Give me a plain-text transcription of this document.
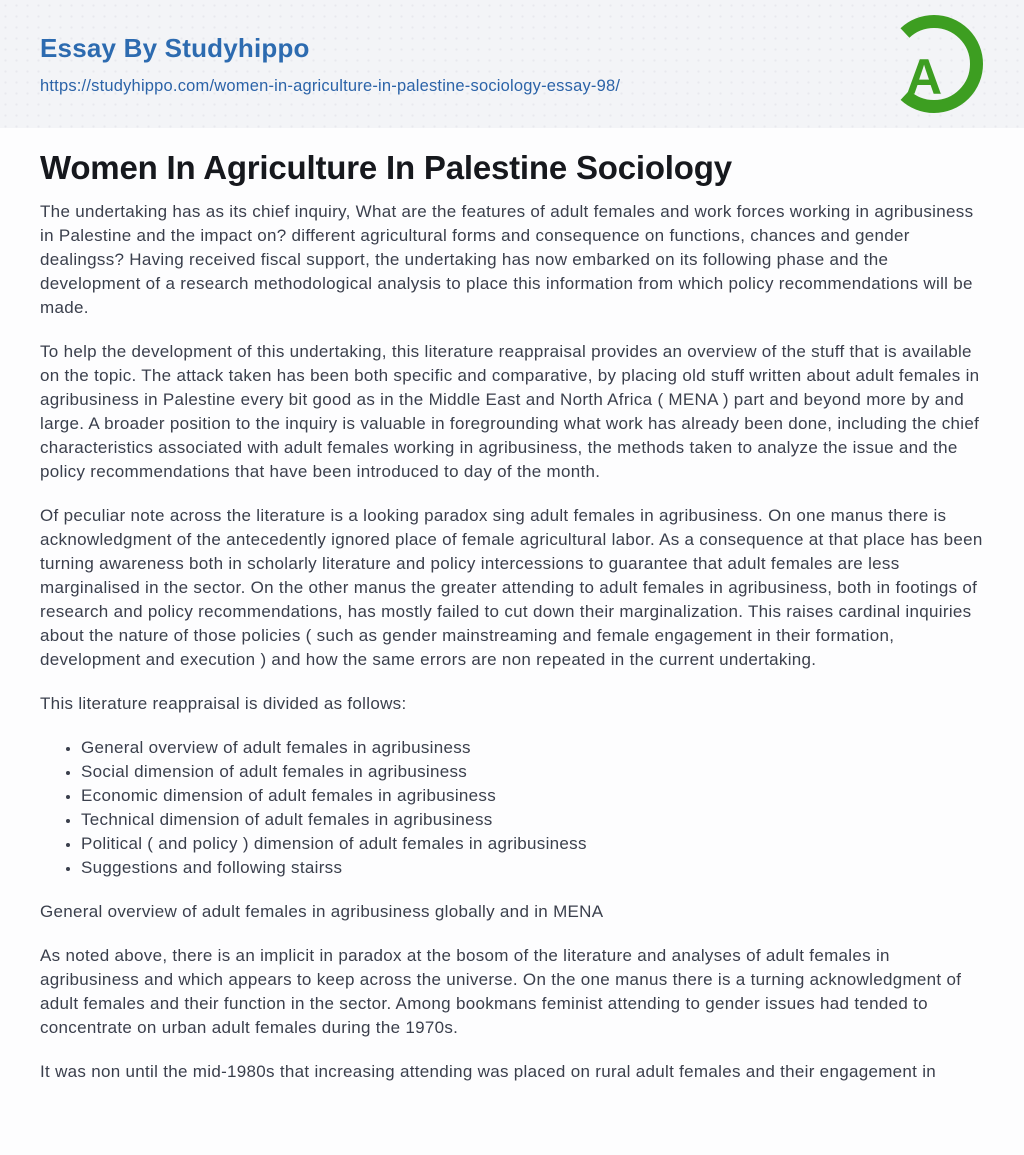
Essay By Studyhippo
https://studyhippo.com/women-in-agriculture-in-palestine-sociology-essay-98/	A
Women In Agriculture In Palestine Sociology

The undertaking has as its chief inquiry, What are the features of adult females and work forces working in agribusiness in Palestine and the impact on? different agricultural forms and consequence on functions, chances and gender dealingss? Having received fiscal support, the undertaking has now embarked on its following phase and the development of a research methodological analysis to place this information from which policy recommendations will be made.

To help the development of this undertaking, this literature reappraisal provides an overview of the stuff that is available on the topic. The attack taken has been both specific and comparative, by placing old stuff written about adult females in agribusiness in Palestine every bit good as in the Middle East and North Africa ( MENA ) part and beyond more by and large. A broader position to the inquiry is valuable in foregrounding what work has already been done, including the chief characteristics associated with adult females working in agribusiness, the methods taken to analyze the issue and the policy recommendations that have been introduced to day of the month.

Of peculiar note across the literature is a looking paradox sing adult females in agribusiness. On one manus there is acknowledgment of the antecedently ignored place of female agricultural labor. As a consequence at that place has been turning awareness both in scholarly literature and policy intercessions to guarantee that adult females are less marginalised in the sector. On the other manus the greater attending to adult females in agribusiness, both in footings of research and policy recommendations, has mostly failed to cut down their marginalization. This raises cardinal inquiries about the nature of those policies ( such as gender mainstreaming and female engagement in their formation, development and execution ) and how the same errors are non repeated in the current undertaking.

This literature reappraisal is divided as follows:

• General overview of adult females in agribusiness
• Social dimension of adult females in agribusiness
• Economic dimension of adult females in agribusiness
• Technical dimension of adult females in agribusiness
• Political ( and policy ) dimension of adult females in agribusiness
• Suggestions and following stairss

General overview of adult females in agribusiness globally and in MENA

As noted above, there is an implicit in paradox at the bosom of the literature and analyses of adult females in agribusiness and which appears to keep across the universe. On the one manus there is a turning acknowledgment of adult females and their function in the sector. Among bookmans feminist attending to gender issues had tended to concentrate on urban adult females during the 1970s.

It was non until the mid-1980s that increasing attending was placed on rural adult females and their engagement in
